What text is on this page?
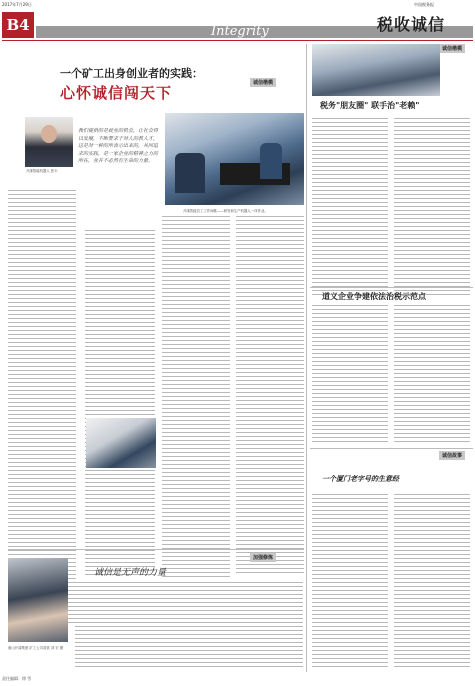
2017年7月29日	中国税务报
B4	Integrity	税收诚信
一个矿工出身创业者的实践：
心怀诚信闯天下
诚信楷模
开滦智能机器人 张丰
我们提供的是就业的机会，让社会得以发展，不断要求于对人的教人才，这是对一种的所表示出来的，共同追求的实践，是一家企业的精神之力的所在，业并不必然有生命的力量。
开滦智能员工工作间歇——研发和生产机器人一体作业。
加强修炼
唐山开滦集团 矿工公司高管 刘 宏 摄
诚信是无声的力量
诚信楷模
税务"朋友圈" 联手治"老赖"
道义企业争建依法治税示范点
诚信故事
一个厦门老字号的生意经
责任编辑：徐 雪
